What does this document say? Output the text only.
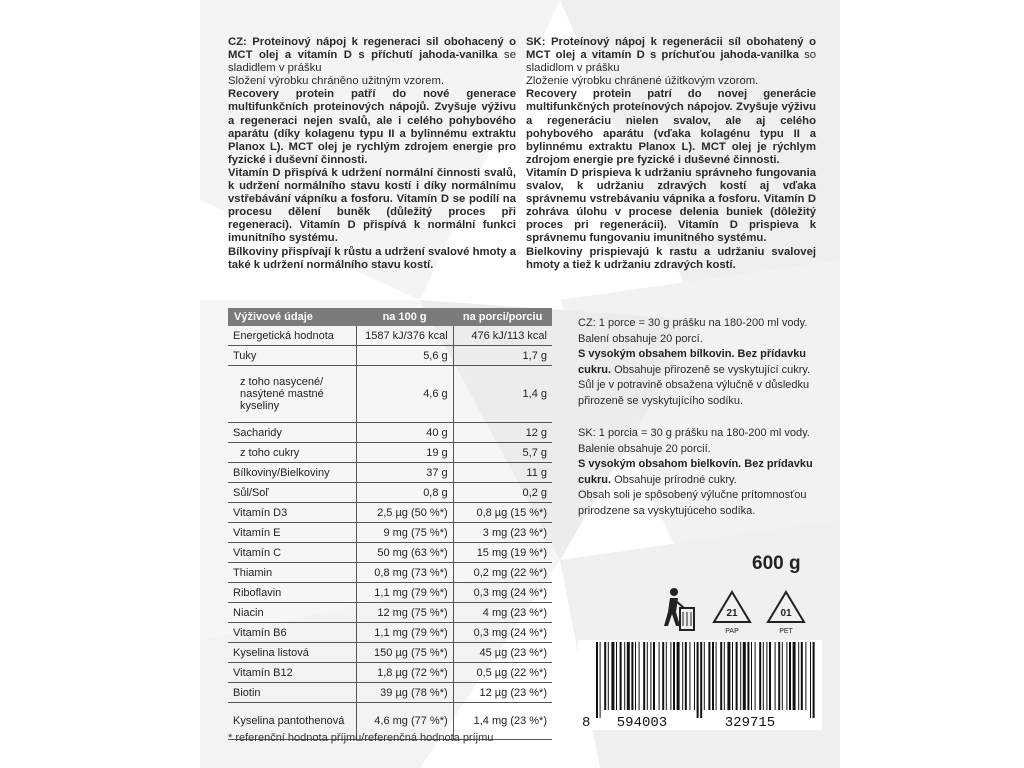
CZ: Proteinový nápoj k regeneraci sil obohacený o MCT olej a vitamín D s příchutí jahoda-vanilka se sladidlem v prášku

Složení výrobku chráněno užitným vzorem.

Recovery protein patří do nové generace multifunkčních proteinových nápojů. Zvyšuje výživu a regeneraci nejen svalů, ale i celého pohybového aparátu (díky kolagenu typu II a bylinnému extraktu Planox L). MCT olej je rychlým zdrojem energie pro fyzické i duševní činnosti.

Vitamín D přispívá k udržení normální činnosti svalů, k udržení normálního stavu kostí i díky normálnímu vstřebávání vápníku a fosforu. Vitamín D se podílí na procesu dělení buněk (důležitý proces při regeneraci). Vitamín D přispívá k normální funkci imunitního systému.

Bílkoviny přispívají k růstu a udržení svalové hmoty a také k udržení normálního stavu kostí.

SK: Proteínový nápoj k regenerácii síl obohatený o MCT olej a vitamín D s príchuťou jahoda-vanilka so sladidlom v prášku

Zloženie výrobku chránené úžitkovým vzorom.

Recovery protein patrí do novej generácie multifunkčných proteínových nápojov. Zvyšuje výživu a regeneráciu nielen svalov, ale aj celého pohybového aparátu (vďaka kolagénu typu II a bylinnému extraktu Planox L). MCT olej je rýchlym zdrojom energie pre fyzické i duševné činnosti.

Vitamín D prispieva k udržaniu správneho fungovania svalov, k udržaniu zdravých kostí aj vďaka správnemu vstrebávaniu vápnika a fosforu. Vitamín D zohráva úlohu v procese delenia buniek (dôležitý proces pri regenerácii). Vitamín D prispieva k správnemu fungovaniu imunitného systému.

Bielkoviny prispievajú k rastu a udržaniu svalovej hmoty a tiež k udržaniu zdravých kostí.

Výživové údaje	na 100 g	na porci/porciu
Energetická hodnota	1587 kJ/376 kcal	476 kJ/113 kcal
Tuky	5,6 g	1,7 g
z toho nasycené/ nasýtené mastné kyseliny	4,6 g	1,4 g
Sacharidy	40 g	12 g
z toho cukry	19 g	5,7 g
Bílkoviny/Bielkoviny	37 g	11 g
Sůl/Soľ	0,8 g	0,2 g
Vitamín D3	2,5 µg (50 %*)	0,8 µg (15 %*)
Vitamín E	9 mg (75 %*)	3 mg (23 %*)
Vitamín C	50 mg (63 %*)	15 mg (19 %*)
Thiamin	0,8 mg (73 %*)	0,2 mg (22 %*)
Riboflavin	1,1 mg (79 %*)	0,3 mg (24 %*)
Niacin	12 mg (75 %*)	4 mg (23 %*)
Vitamín B6	1,1 mg (79 %*)	0,3 mg (24 %*)
Kyselina listová	150 µg (75 %*)	45 µg (23 %*)
Vitamín B12	1,8 µg (72 %*)	0,5 µg (22 %*)
Biotin	39 µg (78 %*)	12 µg (23 %*)
Kyselina pantothenová	4,6 mg (77 %*)	1,4 mg (23 %*)
* referenční hodnota příjmu/referenčná hodnota príjmu
CZ: 1 porce = 30 g prášku na 180-200 ml vody.
Balení obsahuje 20 porcí.
S vysokým obsahem bílkovin. Bez přídavku cukru. Obsahuje přirozeně se vyskytující cukry.
Sůl je v potravině obsažena výlučně v důsledku přirozeně se vyskytujícího sodíku.
SK: 1 porcia = 30 g prášku na 180-200 ml vody.
Balenie obsahuje 20 porcií.
S vysokým obsahom bielkovín. Bez prídavku cukru. Obsahuje prírodné cukry.
Obsah soli je spôsobený výlučne prítomnosťou prirodzene sa vyskytujúceho sodíka.
600 g
21
PAP
01
PET
8 594003	329715
